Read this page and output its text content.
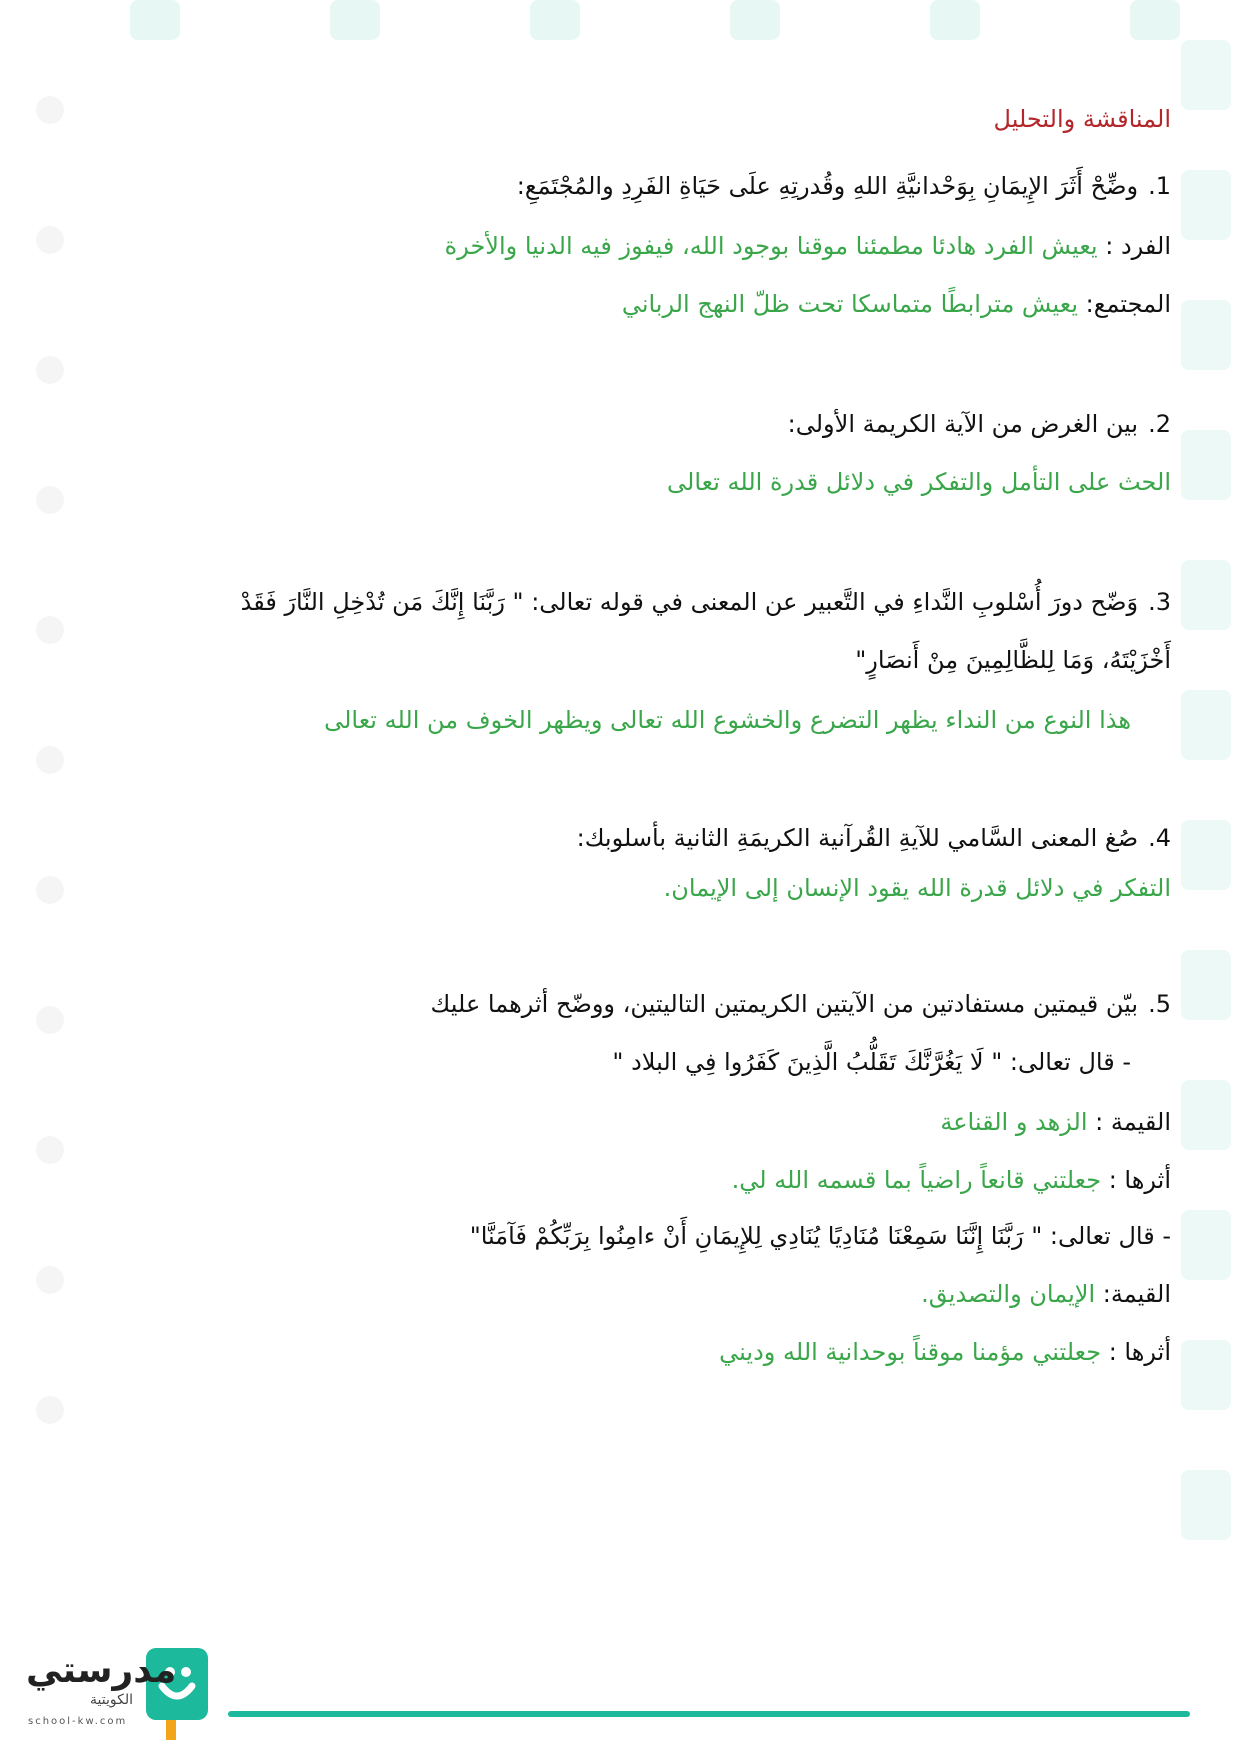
المناقشة والتحليل
1.وضِّحْ أَثَرَ الإِيمَانِ بِوَحْدانيَّةِ اللهِ وقُدرتِهِ علَى حَيَاةِ الفَرِدِ والمُجْتَمَعِ:
الفرد : يعيش الفرد هادئا مطمئنا موقنا بوجود الله، فيفوز فيه الدنيا والأخرة
المجتمع: يعيش مترابطًا متماسكا تحت ظلّ النهج الرباني
2.بين الغرض من الآية الكريمة الأولى:
الحث على التأمل والتفكر في دلائل قدرة الله تعالى
3.وَضّح دورَ أُسْلوبِ النَّداءِ في التَّعبير عن المعنى في قوله تعالى: " رَبَّنَا إِنَّكَ مَن تُدْخِلِ النَّارَ فَقَدْ
أَخْزَيْتَهُ، وَمَا لِلظَّالِمِينَ مِنْ أَنصَارٍ"
هذا النوع من النداء يظهر التضرع والخشوع الله تعالى ويظهر الخوف من الله تعالى
4.صُغ المعنى السَّامي للآيةِ القُرآنية الكريمَةِ الثانية بأسلوبك:
التفكر في دلائل قدرة الله يقود الإنسان إلى الإيمان.
5.بيّن قيمتين مستفادتين من الآيتين الكريمتين التاليتين، ووضّح أثرهما عليك
- قال تعالى: " لَا يَغُرَّنَّكَ تَقَلُّبُ الَّذِينَ كَفَرُوا فِي البلاد "
القيمة : الزهد و القناعة
أثرها : جعلتني قانعاً راضياً بما قسمه الله لي.
- قال تعالى: " رَبَّنَا إِنَّنَا سَمِعْنَا مُنَادِيًا يُنَادِي لِلإِيمَانِ أَنْ ءامِنُوا بِرَبِّكُمْ فَآمَنَّا"
القيمة: الإيمان والتصديق.
أثرها : جعلتني مؤمنا موقناً بوحدانية الله وديني
مدرستي
الكويتية
school-kw.com
